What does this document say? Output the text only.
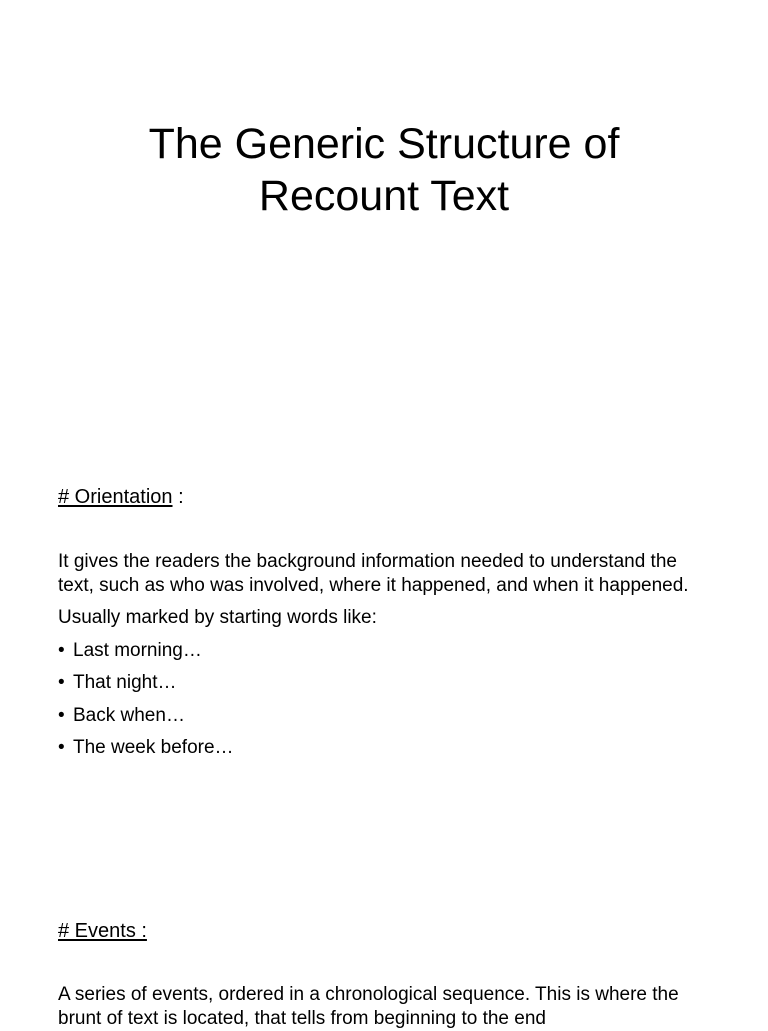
The Generic Structure of
Recount Text

# Orientation :

It gives the readers the background information needed to understand the text, such as who was involved, where it happened, and when it happened.

Usually marked by starting words like:

• Last morning…
• That night…
• Back when…
• The week before…

# Events :

A series of events, ordered in a chronological sequence. This is where the brunt of text is located, that tells from beginning to the end
